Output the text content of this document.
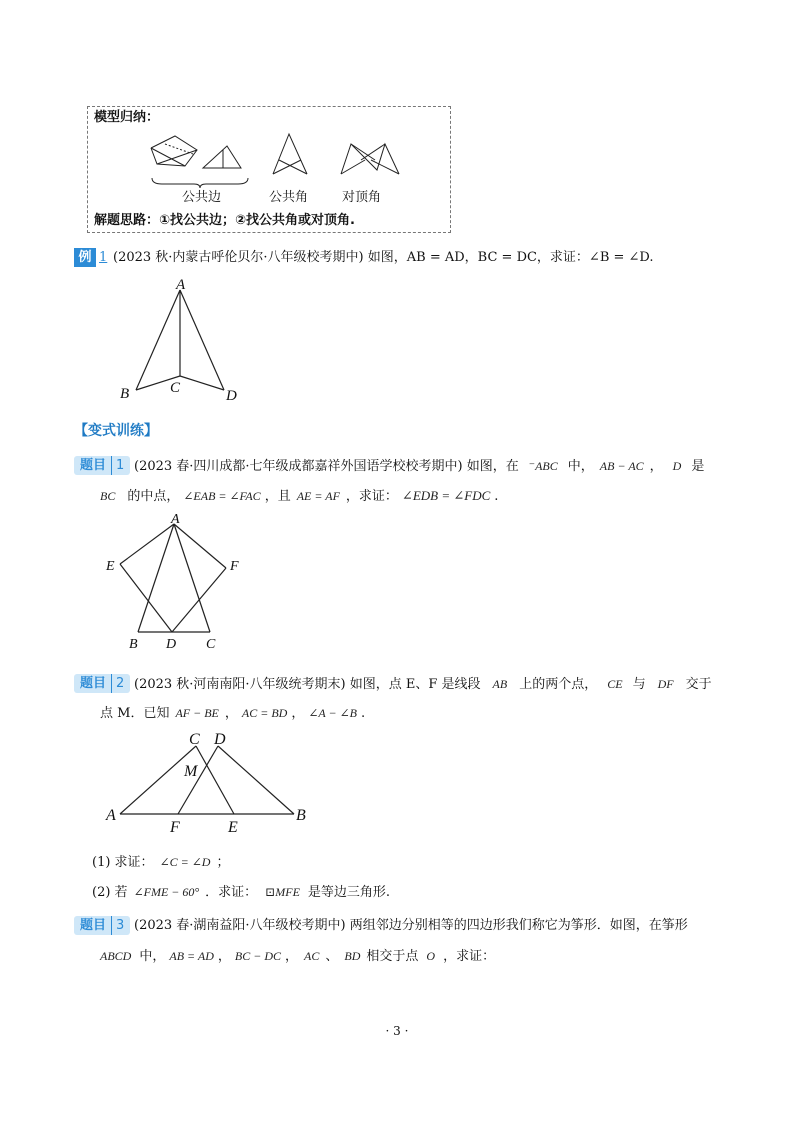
模型归纳：
公共边	公共角	对顶角
解题思路：①找公共边；②找公共角或对顶角.
例 1 (2023 秋·内蒙古呼伦贝尔·八年级校考期中) 如图，AB = AD，BC = DC，求证：∠B = ∠D.
A
B	C	D
【变式训练】
题目 1 (2023 春·四川成都·七年级成都嘉祥外国语学校校考期中) 如图，在 ⁻ABC 中， AB − AC ， D 是
BC 的中点， ∠EAB = ∠FAC ，且 AE = AF ，求证： ∠EDB = ∠FDC .
A
E	F
B D C
题目 2 (2023 秋·河南南阳·八年级统考期末) 如图，点 E、F 是线段 AB 上的两个点， CE 与 DF 交于
点 M．已知 AF − BE ， AC = BD ， ∠A − ∠B .
C D
M
A
F	E
B
(1) 求证： ∠C = ∠D ；
(2) 若 ∠FME − 60° ．求证： ⊡MFE 是等边三角形.
题目 3 (2023 春·湖南益阳·八年级校考期中) 两组邻边分别相等的四边形我们称它为筝形．如图，在筝形
ABCD 中， AB = AD ， BC − DC ， AC 、 BD 相交于点 O ，求证：
· 3 ·
